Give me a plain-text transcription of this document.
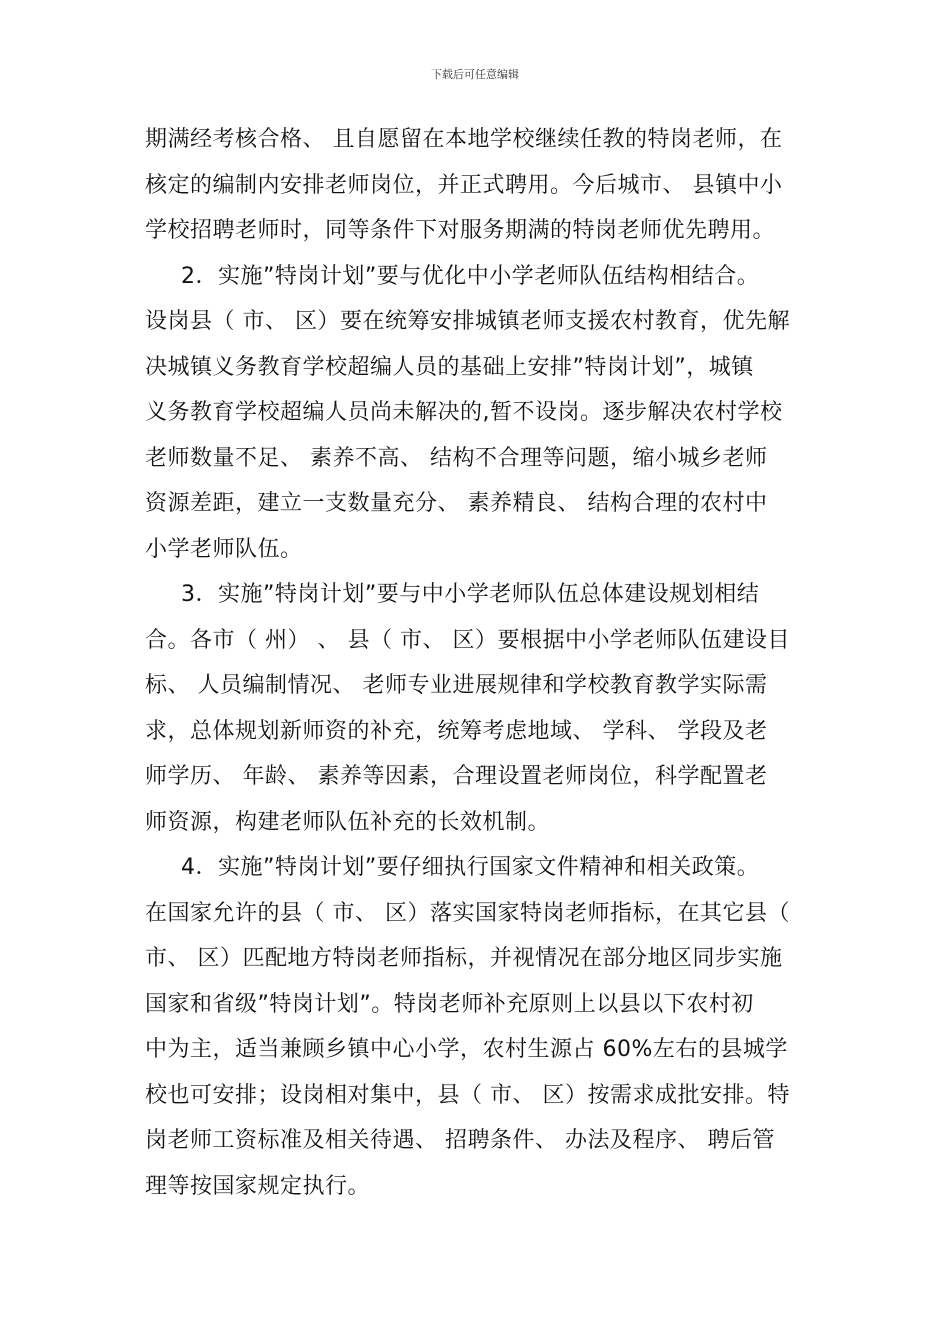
下载后可任意编辑
期满经考核合格、 且自愿留在本地学校继续任教的特岗老师，在
核定的编制内安排老师岗位，并正式聘用。今后城市、 县镇中小
学校招聘老师时，同等条件下对服务期满的特岗老师优先聘用。
2．实施”特岗计划”要与优化中小学老师队伍结构相结合。
设岗县（ 市、 区）要在统筹安排城镇老师支援农村教育，优先解
决城镇义务教育学校超编人员的基础上安排”特岗计划”，城镇
义务教育学校超编人员尚未解决的,暂不设岗。逐步解决农村学校
老师数量不足、 素养不高、 结构不合理等问题，缩小城乡老师
资源差距，建立一支数量充分、 素养精良、 结构合理的农村中
小学老师队伍。
3．实施”特岗计划”要与中小学老师队伍总体建设规划相结
合。各市（ 州） 、 县（ 市、 区）要根据中小学老师队伍建设目
标、 人员编制情况、 老师专业进展规律和学校教育教学实际需
求，总体规划新师资的补充，统筹考虑地域、 学科、 学段及老
师学历、 年龄、 素养等因素，合理设置老师岗位，科学配置老
师资源，构建老师队伍补充的长效机制。
4．实施”特岗计划”要仔细执行国家文件精神和相关政策。
在国家允许的县（ 市、 区）落实国家特岗老师指标，在其它县（
市、 区）匹配地方特岗老师指标，并视情况在部分地区同步实施
国家和省级”特岗计划”。特岗老师补充原则上以县以下农村初
中为主，适当兼顾乡镇中心小学，农村生源占 60%左右的县城学
校也可安排；设岗相对集中，县（ 市、 区）按需求成批安排。特
岗老师工资标准及相关待遇、 招聘条件、 办法及程序、 聘后管
理等按国家规定执行。
